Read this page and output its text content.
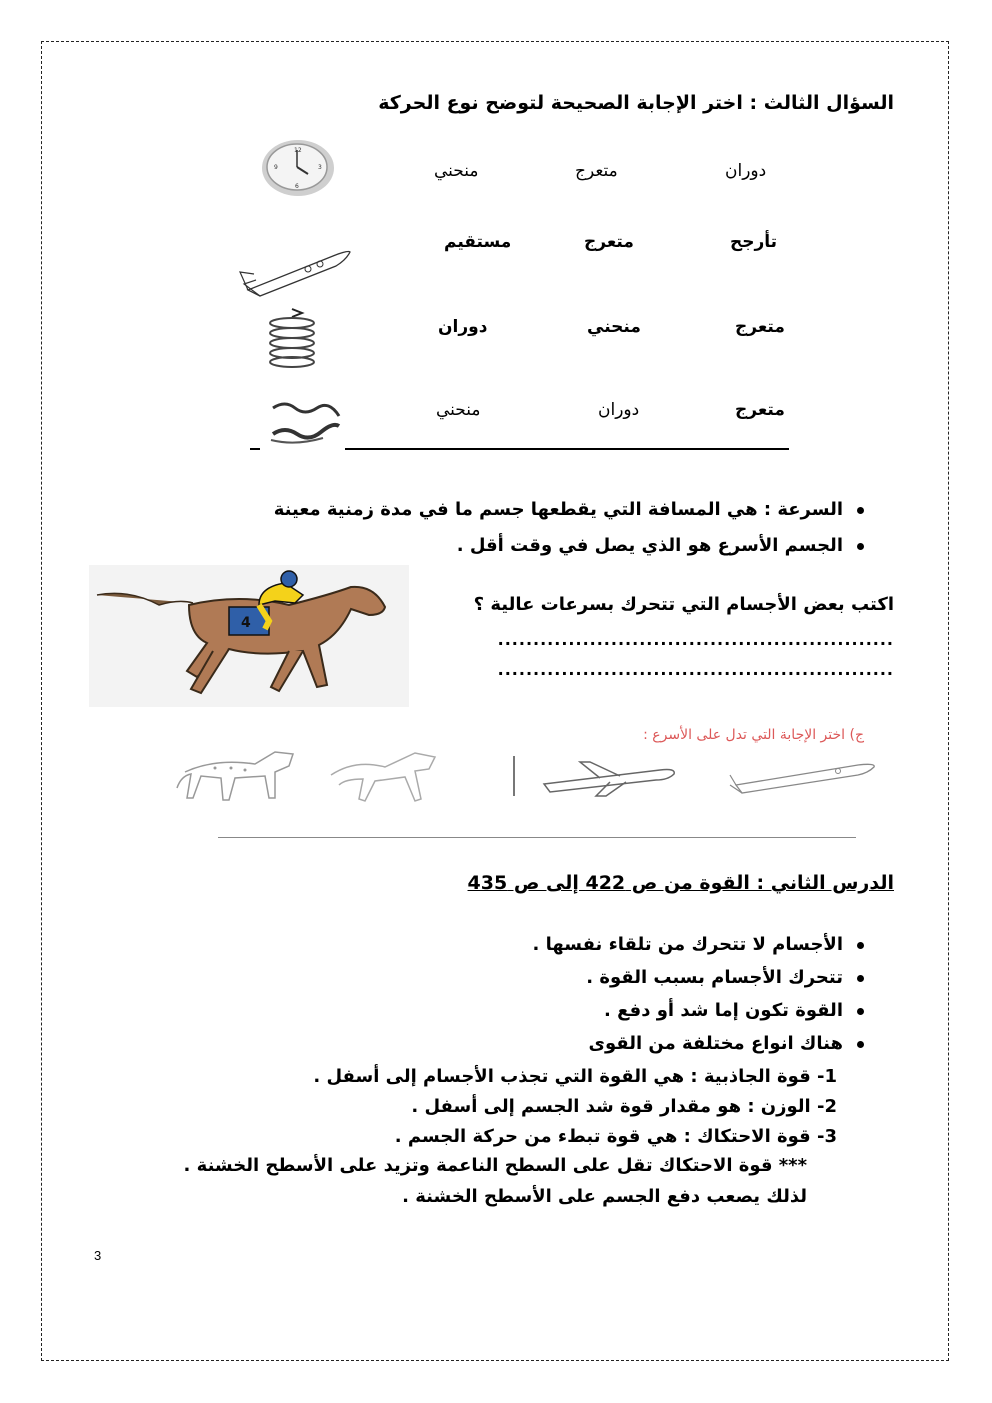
السؤال الثالث : اختر الإجابة الصحيحة لتوضح نوع الحركة
12
3
6
9	دوران
متعرج
منحني
تأرجح
متعرج
مستقيم
متعرج
منحني
دوران
متعرج
دوران
منحني
السرعة : هي المسافة التي يقطعها جسم ما في مدة زمنية معينة
الجسم الأسرع هو الذي يصل في وقت أقل .
4
اكتب بعض الأجسام التي تتحرك بسرعات عالية ؟
........................................................
........................................................
ج) اختر الإجابة التي تدل على الأسرع :
الدرس الثاني : القوة من ص 422 إلى ص 435
الأجسام لا تتحرك من تلقاء نفسها .
تتحرك الأجسام بسبب القوة .
القوة تكون إما شد أو دفع .
هناك انواع مختلفة من القوى
1- قوة الجاذبية : هي القوة التي تجذب الأجسام إلى أسفل .
2- الوزن : هو مقدار قوة شد الجسم إلى أسفل .
3- قوة الاحتكاك : هي قوة تبطء من حركة الجسم .
*** قوة الاحتكاك تقل على السطح الناعمة وتزيد على الأسطح الخشنة .
لذلك يصعب دفع الجسم على الأسطح الخشنة .
3
